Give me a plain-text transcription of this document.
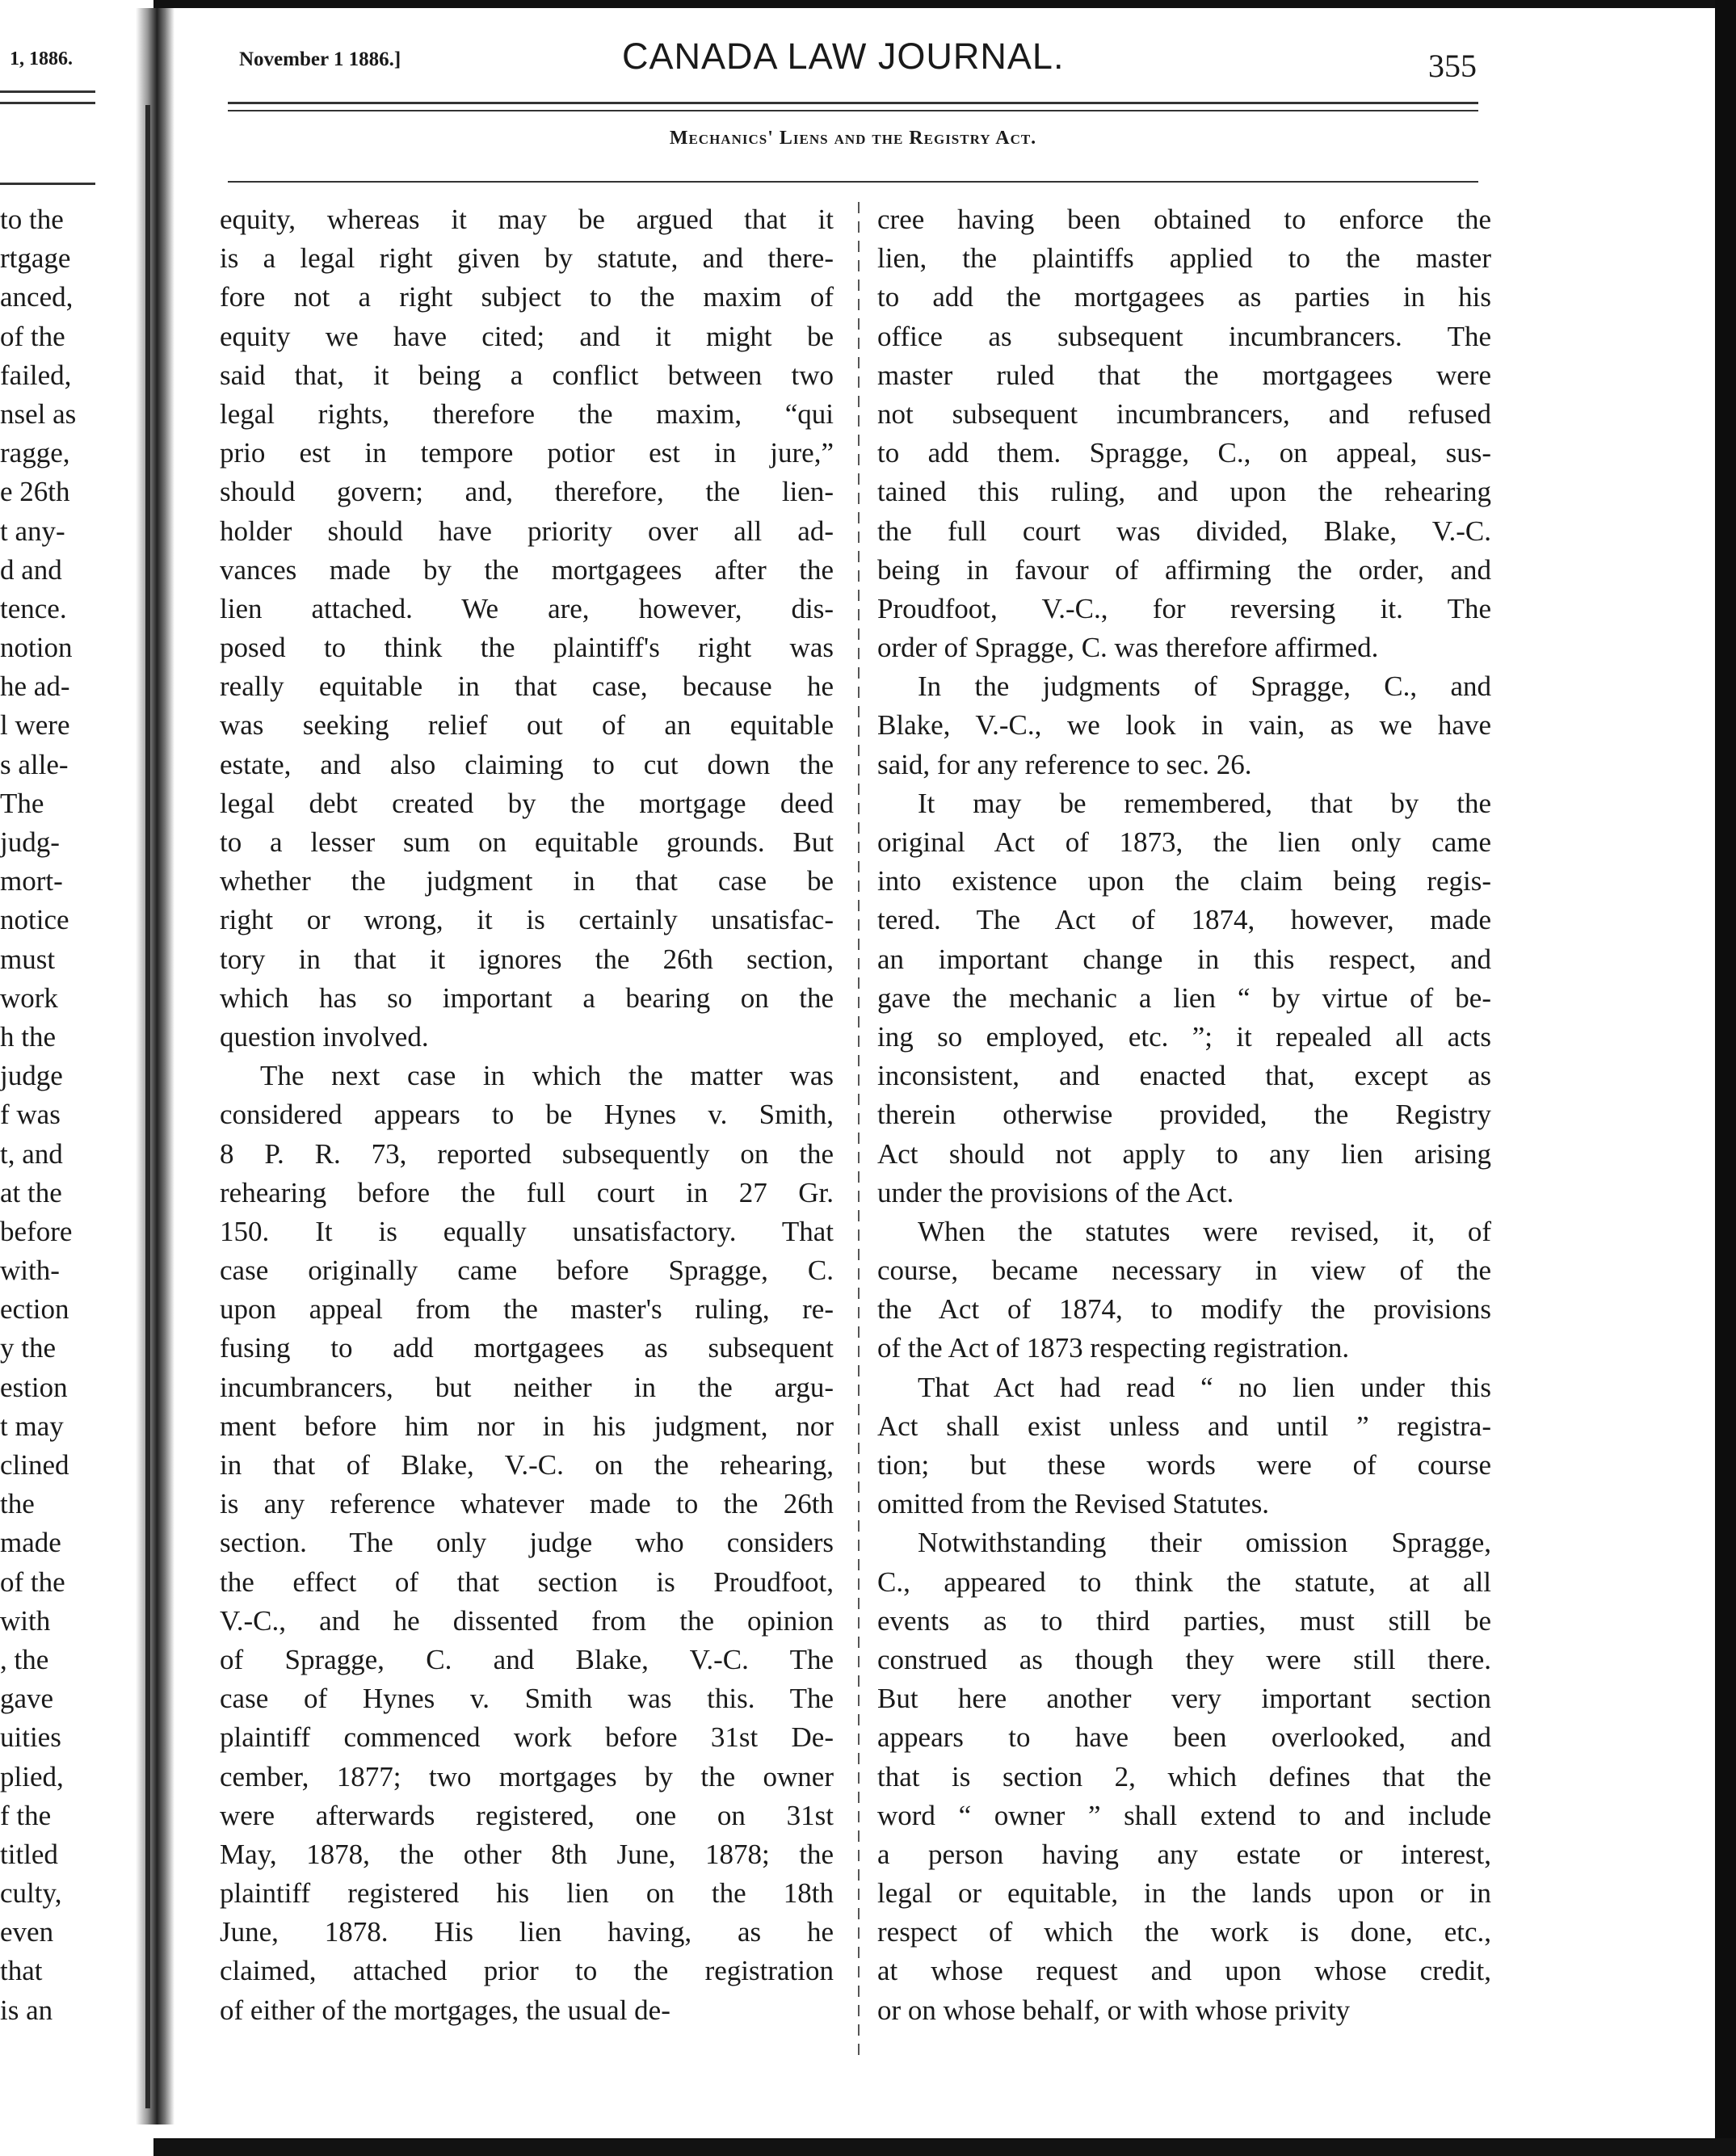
1, 1886.
to the
rtgage
anced,
of the
failed,
nsel as
ragge,
e 26th
t any-
d and
tence.
notion
he ad-
l were
s alle-
The
judg-
mort-
notice
must
work
h the
judge
f was
t, and
at the
before
with-
ection
y the
estion
t may
clined
the
made
of the
with
, the
gave
uities
plied,
f the
titled
culty,
even
that
is an
November 1 1886.]	CANADA LAW JOURNAL.	355
Mechanics' Liens and the Registry Act.
equity, whereas it may be argued that it
is a legal right given by statute, and there-
fore not a right subject to the maxim of
equity we have cited; and it might be
said that, it being a conflict between two
legal rights, therefore the maxim, “qui
prio est in tempore potior est in jure,”
should govern; and, therefore, the lien-
holder should have priority over all ad-
vances made by the mortgagees after the
lien attached. We are, however, dis-
posed to think the plaintiff's right was
really equitable in that case, because he
was seeking relief out of an equitable
estate, and also claiming to cut down the
legal debt created by the mortgage deed
to a lesser sum on equitable grounds. But
whether the judgment in that case be
right or wrong, it is certainly unsatisfac-
tory in that it ignores the 26th section,
which has so important a bearing on the
question involved.
The next case in which the matter was
considered appears to be Hynes v. Smith,
8 P. R. 73, reported subsequently on the
rehearing before the full court in 27 Gr.
150. It is equally unsatisfactory. That
case originally came before Spragge, C.
upon appeal from the master's ruling, re-
fusing to add mortgagees as subsequent
incumbrancers, but neither in the argu-
ment before him nor in his judgment, nor
in that of Blake, V.-C. on the rehearing,
is any reference whatever made to the 26th
section. The only judge who considers
the effect of that section is Proudfoot,
V.-C., and he dissented from the opinion
of Spragge, C. and Blake, V.-C. The
case of Hynes v. Smith was this. The
plaintiff commenced work before 31st De-
cember, 1877; two mortgages by the owner
were afterwards registered, one on 31st
May, 1878, the other 8th June, 1878; the
plaintiff registered his lien on the 18th
June, 1878. His lien having, as he
claimed, attached prior to the registration
of either of the mortgages, the usual de-
cree having been obtained to enforce the
lien, the plaintiffs applied to the master
to add the mortgagees as parties in his
office as subsequent incumbrancers. The
master ruled that the mortgagees were
not subsequent incumbrancers, and refused
to add them. Spragge, C., on appeal, sus-
tained this ruling, and upon the rehearing
the full court was divided, Blake, V.-C.
being in favour of affirming the order, and
Proudfoot, V.-C., for reversing it. The
order of Spragge, C. was therefore affirmed.
In the judgments of Spragge, C., and
Blake, V.-C., we look in vain, as we have
said, for any reference to sec. 26.
It may be remembered, that by the
original Act of 1873, the lien only came
into existence upon the claim being regis-
tered. The Act of 1874, however, made
an important change in this respect, and
gave the mechanic a lien “ by virtue of be-
ing so employed, etc. ”; it repealed all acts
inconsistent, and enacted that, except as
therein otherwise provided, the Registry
Act should not apply to any lien arising
under the provisions of the Act.
When the statutes were revised, it, of
course, became necessary in view of the
the Act of 1874, to modify the provisions
of the Act of 1873 respecting registration.
That Act had read “ no lien under this
Act shall exist unless and until ” registra-
tion; but these words were of course
omitted from the Revised Statutes.
Notwithstanding their omission Spragge,
C., appeared to think the statute, at all
events as to third parties, must still be
construed as though they were still there.
But here another very important section
appears to have been overlooked, and
that is section 2, which defines that the
word “ owner ” shall extend to and include
a person having any estate or interest,
legal or equitable, in the lands upon or in
respect of which the work is done, etc.,
at whose request and upon whose credit,
or on whose behalf, or with whose privity
